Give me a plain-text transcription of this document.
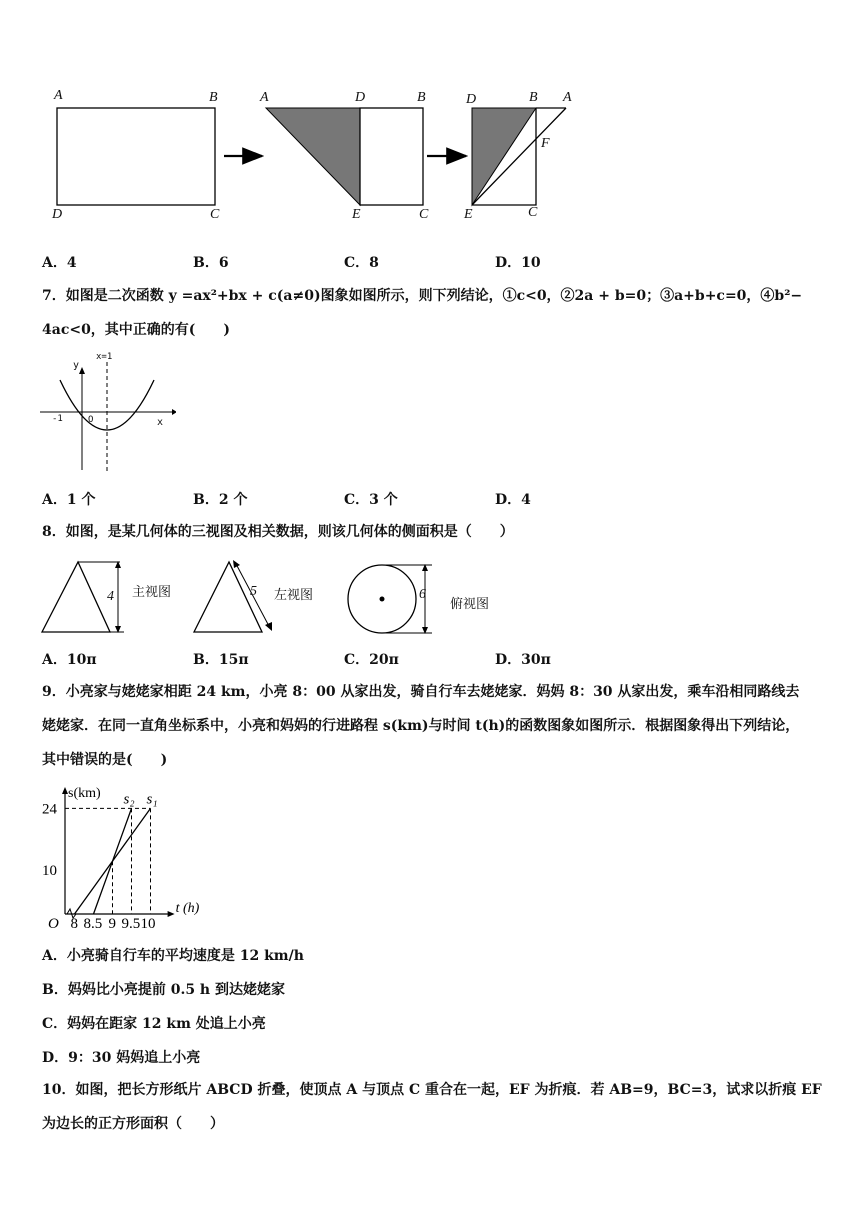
A	B
D	C
A	D	B
E	C
D	B A
F
E	C
A．4	B．6	C．8	D．10
7．如图是二次函数 y =ax²+bx + c(a≠0)图象如图所示，则下列结论，①c<0，②2a + b=0；③a+b+c=0，④b²−
4ac<0，其中正确的有(　　)
x=1
y
x
-1	O
A．1 个	B．2 个	C．3 个	D．4
8．如图，是某几何体的三视图及相关数据，则该几何体的侧面积是（　　）
4 主视图	5 左视图	6
俯视图
A．10π	B．15π	C．20π	D．30π
9．小亮家与姥姥家相距 24 km，小亮 8：00 从家出发，骑自行车去姥姥家．妈妈 8：30 从家出发，乘车沿相同路线去
姥姥家．在同一直角坐标系中，小亮和妈妈的行进路程 s(km)与时间 t(h)的函数图象如图所示．根据图象得出下列结论，
其中错误的是(　　)
8 8.5 9 9.5 10
24
10
O
s(km)
t (h)
s₂ s₁
A．小亮骑自行车的平均速度是 12 km/h
B．妈妈比小亮提前 0.5 h 到达姥姥家
C．妈妈在距家 12 km 处追上小亮
D．9：30 妈妈追上小亮
10．如图，把长方形纸片 ABCD 折叠，使顶点 A 与顶点 C 重合在一起，EF 为折痕．若 AB=9，BC=3，试求以折痕 EF
为边长的正方形面积（　　）
